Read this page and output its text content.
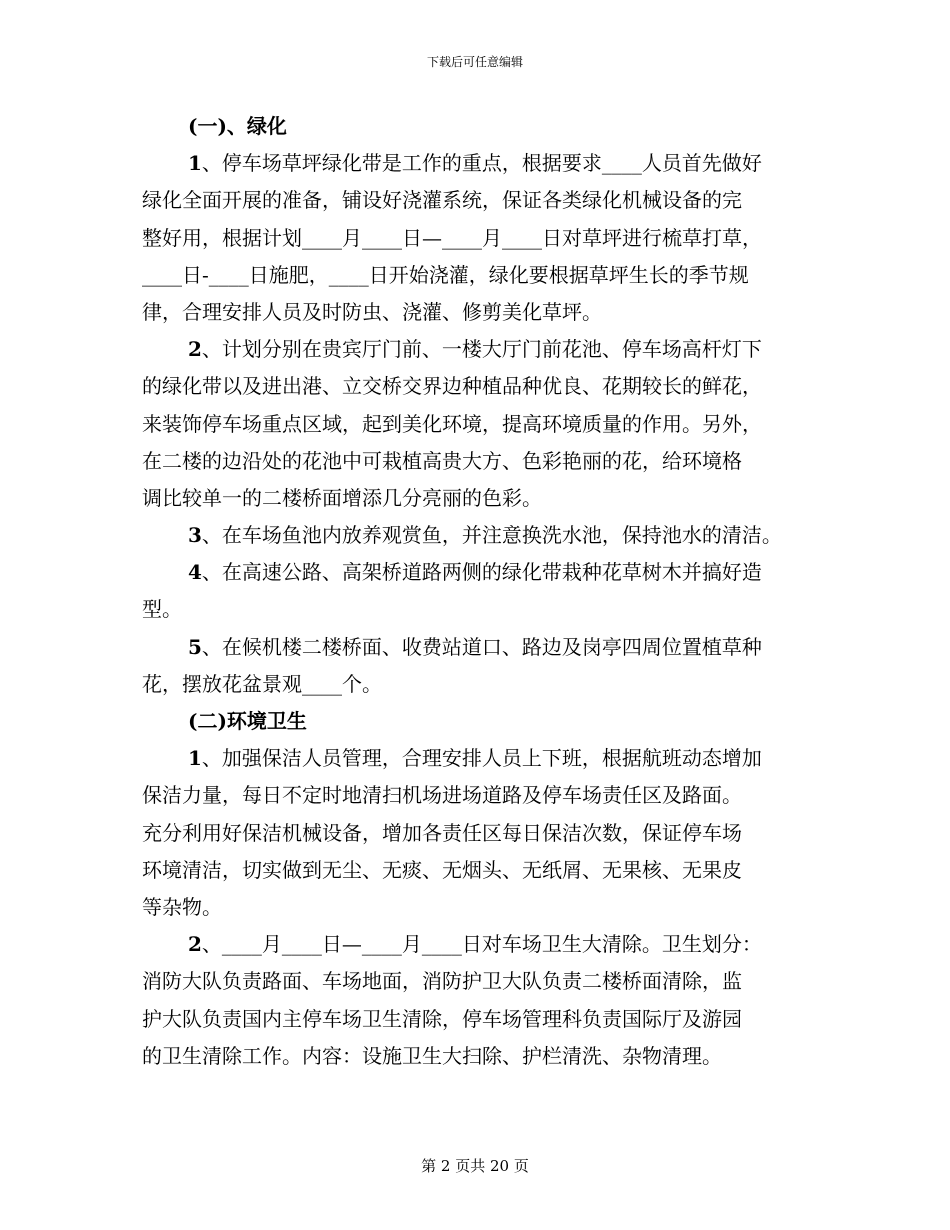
下载后可任意编辑
(一)、绿化
1、停车场草坪绿化带是工作的重点，根据要求____人员首先做好
绿化全面开展的准备，铺设好浇灌系统，保证各类绿化机械设备的完
整好用，根据计划____月____日—____月____日对草坪进行梳草打草，
____日-____日施肥，____日开始浇灌，绿化要根据草坪生长的季节规
律，合理安排人员及时防虫、浇灌、修剪美化草坪。
2、计划分别在贵宾厅门前、一楼大厅门前花池、停车场高杆灯下
的绿化带以及进出港、立交桥交界边种植品种优良、花期较长的鲜花，
来装饰停车场重点区域，起到美化环境，提高环境质量的作用。另外，
在二楼的边沿处的花池中可栽植高贵大方、色彩艳丽的花，给环境格
调比较单一的二楼桥面增添几分亮丽的色彩。
3、在车场鱼池内放养观赏鱼，并注意换洗水池，保持池水的清洁。
4、在高速公路、高架桥道路两侧的绿化带栽种花草树木并搞好造
型。
5、在候机楼二楼桥面、收费站道口、路边及岗亭四周位置植草种
花，摆放花盆景观____个。
(二)环境卫生
1、加强保洁人员管理，合理安排人员上下班，根据航班动态增加
保洁力量，每日不定时地清扫机场进场道路及停车场责任区及路面。
充分利用好保洁机械设备，增加各责任区每日保洁次数，保证停车场
环境清洁，切实做到无尘、无痰、无烟头、无纸屑、无果核、无果皮
等杂物。
2、____月____日—____月____日对车场卫生大清除。卫生划分：
消防大队负责路面、车场地面，消防护卫大队负责二楼桥面清除，监
护大队负责国内主停车场卫生清除，停车场管理科负责国际厅及游园
的卫生清除工作。内容：设施卫生大扫除、护栏清洗、杂物清理。
第 2 页共 20 页
